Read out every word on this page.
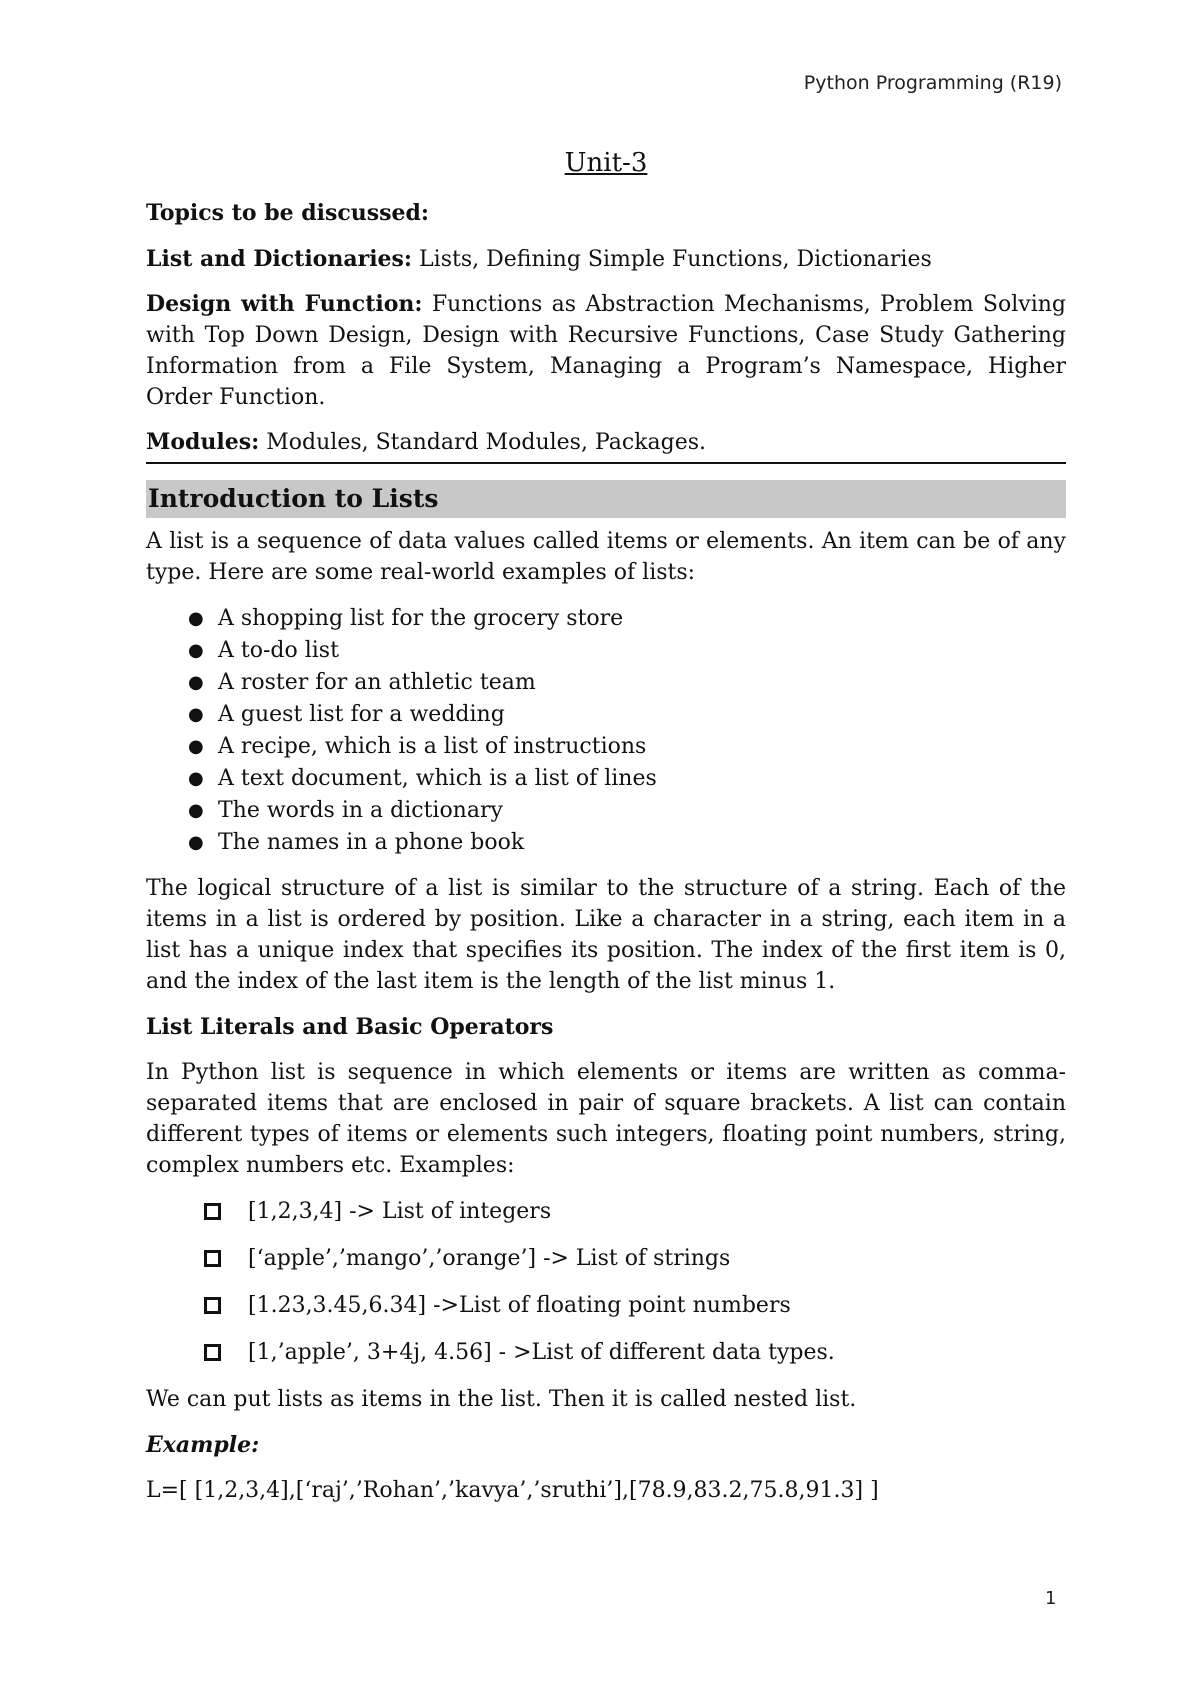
Python Programming (R19)
Unit-3
Topics to be discussed:
List and Dictionaries: Lists, Defining Simple Functions, Dictionaries
Design with Function: Functions as Abstraction Mechanisms, Problem Solving with Top Down Design, Design with Recursive Functions, Case Study Gathering Information from a File System, Managing a Program’s Namespace, Higher Order Function.
Modules: Modules, Standard Modules, Packages.
Introduction to Lists
A list is a sequence of data values called items or elements. An item can be of any type. Here are some real-world examples of lists:
● A shopping list for the grocery store
● A to-do list
● A roster for an athletic team
● A guest list for a wedding
● A recipe, which is a list of instructions
● A text document, which is a list of lines
● The words in a dictionary
● The names in a phone book
The logical structure of a list is similar to the structure of a string. Each of the items in a list is ordered by position. Like a character in a string, each item in a list has a unique index that specifies its position. The index of the first item is 0, and the index of the last item is the length of the list minus 1.
List Literals and Basic Operators
In Python list is sequence in which elements or items are written as comma-separated items that are enclosed in pair of square brackets. A list can contain different types of items or elements such integers, floating point numbers, string, complex numbers etc. Examples:
[1,2,3,4] -> List of integers
[‘apple’,’mango’,’orange’] -> List of strings
[1.23,3.45,6.34] ->List of floating point numbers
[1,’apple’, 3+4j, 4.56] - >List of different data types.
We can put lists as items in the list. Then it is called nested list.
Example:
L=[ [1,2,3,4],[‘raj’,’Rohan’,’kavya’,’sruthi’],[78.9,83.2,75.8,91.3] ]
1
